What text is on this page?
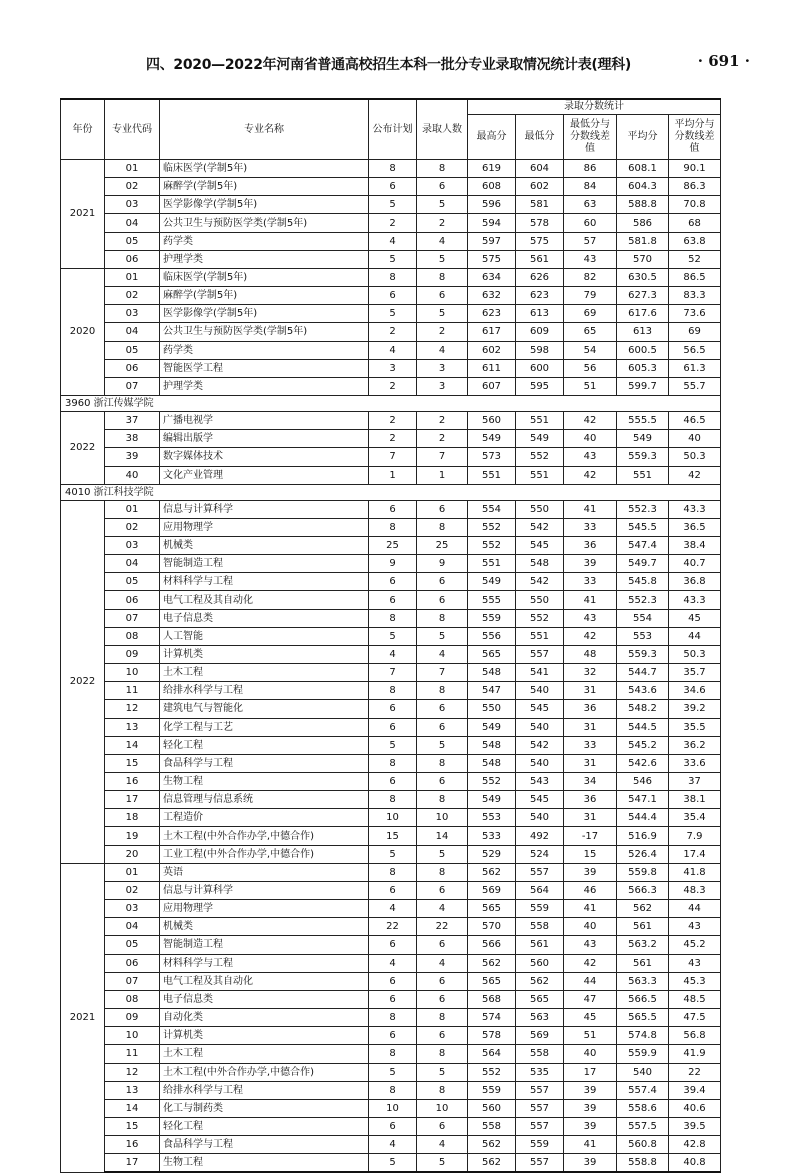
四、2020—2022年河南省普通高校招生本科一批分专业录取情况统计表(理科)	· 691 ·
年份	专业代码	专业名称	公布计划	录取人数	录取分数统计				
					最高分	最低分	最低分与分数线差值	平均分	平均分与分数线差值
2021	01	临床医学(学制5年)	8	8	619	604	86	608.1	90.1
	02	麻醉学(学制5年)	6	6	608	602	84	604.3	86.3
	03	医学影像学(学制5年)	5	5	596	581	63	588.8	70.8
	04	公共卫生与预防医学类(学制5年)	2	2	594	578	60	586	68
	05	药学类	4	4	597	575	57	581.8	63.8
	06	护理学类	5	5	575	561	43	570	52
2020	01	临床医学(学制5年)	8	8	634	626	82	630.5	86.5
	02	麻醉学(学制5年)	6	6	632	623	79	627.3	83.3
	03	医学影像学(学制5年)	5	5	623	613	69	617.6	73.6
	04	公共卫生与预防医学类(学制5年)	2	2	617	609	65	613	69
	05	药学类	4	4	602	598	54	600.5	56.5
	06	智能医学工程	3	3	611	600	56	605.3	61.3
	07	护理学类	2	3	607	595	51	599.7	55.7
3960 浙江传媒学院									
2022	37	广播电视学	2	2	560	551	42	555.5	46.5
	38	编辑出版学	2	2	549	549	40	549	40
	39	数字媒体技术	7	7	573	552	43	559.3	50.3
	40	文化产业管理	1	1	551	551	42	551	42
4010 浙江科技学院									
2022	01	信息与计算科学	6	6	554	550	41	552.3	43.3
	02	应用物理学	8	8	552	542	33	545.5	36.5
	03	机械类	25	25	552	545	36	547.4	38.4
	04	智能制造工程	9	9	551	548	39	549.7	40.7
	05	材料科学与工程	6	6	549	542	33	545.8	36.8
	06	电气工程及其自动化	6	6	555	550	41	552.3	43.3
	07	电子信息类	8	8	559	552	43	554	45
	08	人工智能	5	5	556	551	42	553	44
	09	计算机类	4	4	565	557	48	559.3	50.3
	10	土木工程	7	7	548	541	32	544.7	35.7
	11	给排水科学与工程	8	8	547	540	31	543.6	34.6
	12	建筑电气与智能化	6	6	550	545	36	548.2	39.2
	13	化学工程与工艺	6	6	549	540	31	544.5	35.5
	14	轻化工程	5	5	548	542	33	545.2	36.2
	15	食品科学与工程	8	8	548	540	31	542.6	33.6
	16	生物工程	6	6	552	543	34	546	37
	17	信息管理与信息系统	8	8	549	545	36	547.1	38.1
	18	工程造价	10	10	553	540	31	544.4	35.4
	19	土木工程(中外合作办学,中德合作)	15	14	533	492	-17	516.9	7.9
	20	工业工程(中外合作办学,中德合作)	5	5	529	524	15	526.4	17.4
2021	01	英语	8	8	562	557	39	559.8	41.8
	02	信息与计算科学	6	6	569	564	46	566.3	48.3
	03	应用物理学	4	4	565	559	41	562	44
	04	机械类	22	22	570	558	40	561	43
	05	智能制造工程	6	6	566	561	43	563.2	45.2
	06	材料科学与工程	4	4	562	560	42	561	43
	07	电气工程及其自动化	6	6	565	562	44	563.3	45.3
	08	电子信息类	6	6	568	565	47	566.5	48.5
	09	自动化类	8	8	574	563	45	565.5	47.5
	10	计算机类	6	6	578	569	51	574.8	56.8
	11	土木工程	8	8	564	558	40	559.9	41.9
	12	土木工程(中外合作办学,中德合作)	5	5	552	535	17	540	22
	13	给排水科学与工程	8	8	559	557	39	557.4	39.4
	14	化工与制药类	10	10	560	557	39	558.6	40.6
	15	轻化工程	6	6	558	557	39	557.5	39.5
	16	食品科学与工程	4	4	562	559	41	560.8	42.8
	17	生物工程	5	5	562	557	39	558.8	40.8
